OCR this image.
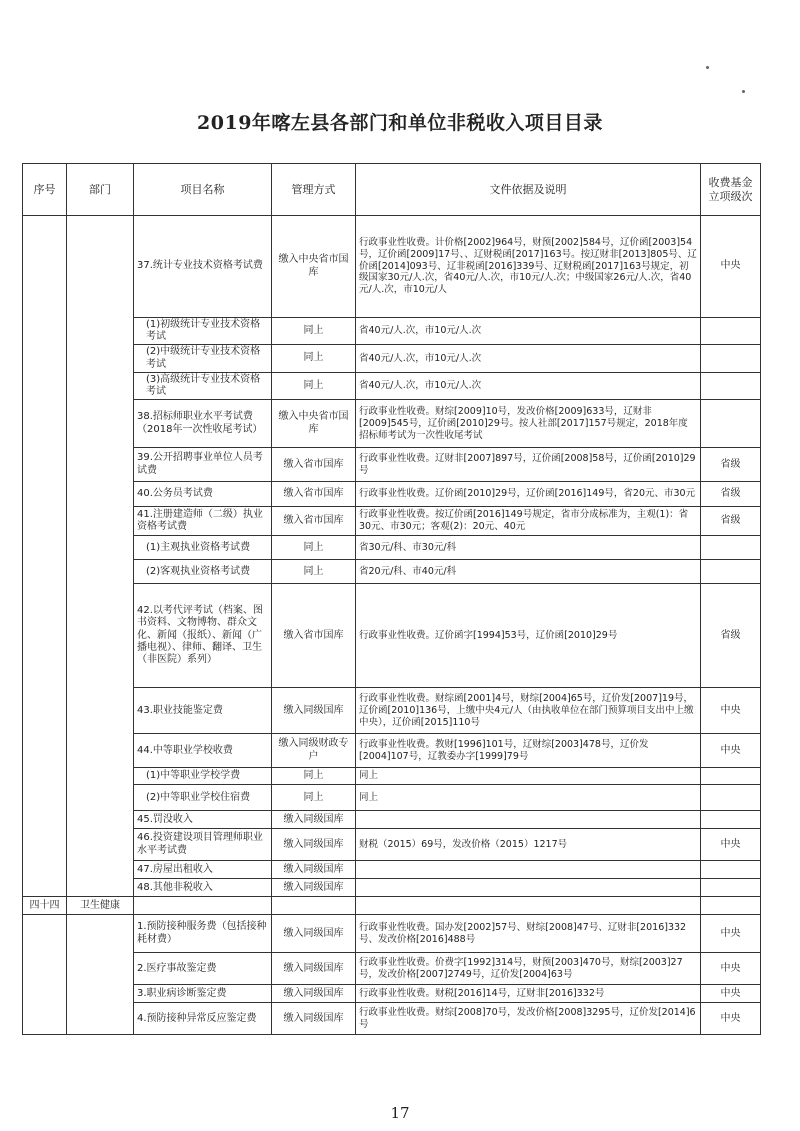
2019年喀左县各部门和单位非税收入项目目录
序号	部门	项目名称	管理方式	文件依据及说明	收费基金立项级次
		37.统计专业技术资格考试费	缴入中央省市国库	行政事业性收费。计价格[2002]964号，财预[2002]584号，辽价函[2003]54号，辽价函[2009]17号、、辽财税函[2017]163号。按辽财非[2013]805号、辽价函[2014]093号、辽非税函[2016]339号、辽财税函[2017]163号规定，初级国家30元/人.次，省40元/人.次，市10元/人.次；中级国家26元/人.次，省40元/人.次，市10元/人	中央
		(1)初级统计专业技术资格考试	同上	省40元/人.次，市10元/人.次	
		(2)中级统计专业技术资格考试	同上	省40元/人.次，市10元/人.次	
		(3)高级统计专业技术资格考试	同上	省40元/人.次，市10元/人.次	
		38.招标师职业水平考试费（2018年一次性收尾考试）	缴入中央省市国库	行政事业性收费。财综[2009]10号，发改价格[2009]633号，辽财非[2009]545号，辽价函[2010]29号。按人社部[2017]157号规定，2018年度招标师考试为一次性收尾考试	
		39.公开招聘事业单位人员考试费	缴入省市国库	行政事业性收费。辽财非[2007]897号，辽价函[2008]58号，辽价函[2010]29号	省级
		40.公务员考试费	缴入省市国库	行政事业性收费。辽价函[2010]29号，辽价函[2016]149号，省20元、市30元	省级
		41.注册建造师（二级）执业资格考试费	缴入省市国库	行政事业性收费。按辽价函[2016]149号规定，省市分成标准为，主观(1)：省30元、市30元；客观(2)：20元、40元	省级
		(1)主观执业资格考试费	同上	省30元/科、市30元/科	
		(2)客观执业资格考试费	同上	省20元/科、市40元/科	
		42.以考代评考试（档案、图书资料、文物博物、群众文化、新闻（报纸）、新闻（广播电视）、律师、翻译、卫生（非医院）系列）	缴入省市国库	行政事业性收费。辽价函字[1994]53号，辽价函[2010]29号	省级
		43.职业技能鉴定费	缴入同级国库	行政事业性收费。财综函[2001]4号，财综[2004]65号，辽价发[2007]19号，辽价函[2010]136号，上缴中央4元/人（由执收单位在部门预算项目支出中上缴中央），辽价函[2015]110号	中央
		44.中等职业学校收费	缴入同级财政专户	行政事业性收费。教财[1996]101号，辽财综[2003]478号，辽价发[2004]107号，辽教委办字[1999]79号	中央
		(1)中等职业学校学费	同上	同上	
		(2)中等职业学校住宿费	同上	同上	
		45.罚没收入	缴入同级国库		
		46.投资建设项目管理师职业水平考试费	缴入同级国库	财税（2015）69号，发改价格（2015）1217号	中央
		47.房屋出租收入	缴入同级国库		
		48.其他非税收入	缴入同级国库		
四十四	卫生健康				
		1.预防接种服务费（包括接种耗材费）	缴入同级国库	行政事业性收费。国办发[2002]57号、财综[2008]47号、辽财非[2016]332号、发改价格[2016]488号	中央
		2.医疗事故鉴定费	缴入同级国库	行政事业性收费。价费字[1992]314号，财预[2003]470号，财综[2003]27号，发改价格[2007]2749号，辽价发[2004]63号	中央
		3.职业病诊断鉴定费	缴入同级国库	行政事业性收费。财税[2016]14号，辽财非[2016]332号	中央
		4.预防接种异常反应鉴定费	缴入同级国库	行政事业性收费。财综[2008]70号，发改价格[2008]3295号，辽价发[2014]6号	中央
17
